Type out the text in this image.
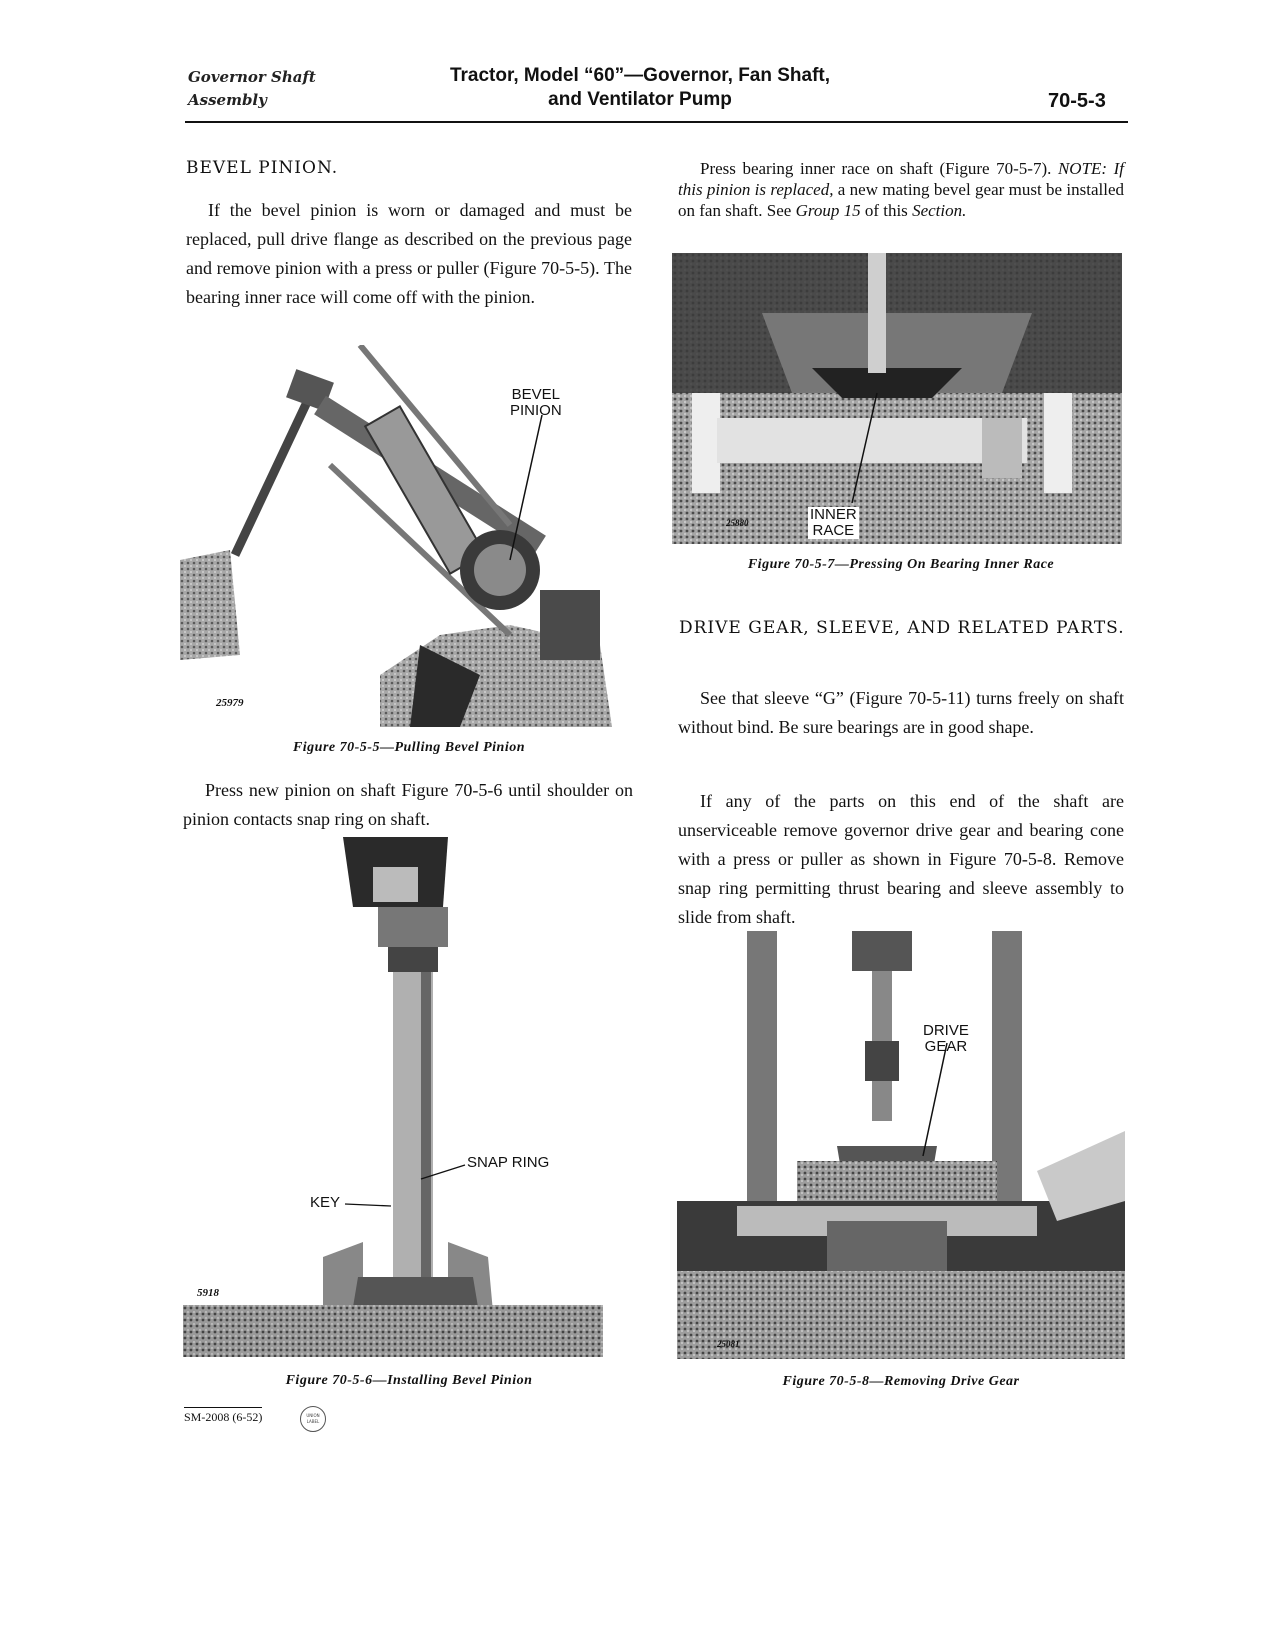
Governor Shaft
Assembly
Tractor, Model “60”—Governor, Fan Shaft,
and Ventilator Pump	70-5-3
BEVEL PINION.
If the bevel pinion is worn or damaged and must be replaced, pull drive flange as described on the previous page and remove pinion with a press or puller (Figure 70-5-5). The bearing inner race will come off with the pinion.
BEVEL
PINION
25979
Figure 70-5-5—Pulling Bevel Pinion
Press new pinion on shaft Figure 70-5-6 until shoulder on pinion contacts snap ring on shaft.
SNAP RING
KEY
5918
Figure 70-5-6—Installing Bevel Pinion
Press bearing inner race on shaft (Figure 70-5-7). NOTE: If this pinion is replaced, a new mating bevel gear must be installed on fan shaft. See Group 15 of this Section.
INNER
RACE
25880
Figure 70-5-7—Pressing On Bearing Inner Race
DRIVE GEAR, SLEEVE, AND RELATED PARTS.
See that sleeve “G” (Figure 70-5-11) turns freely on shaft without bind. Be sure bearings are in good shape.
If any of the parts on this end of the shaft are unserviceable remove governor drive gear and bearing cone with a press or puller as shown in Figure 70-5-8. Remove snap ring permitting thrust bearing and sleeve assembly to slide from shaft.
DRIVE
GEAR
25081
Figure 70-5-8—Removing Drive Gear
SM-2008 (6-52)	UNION
LABEL
